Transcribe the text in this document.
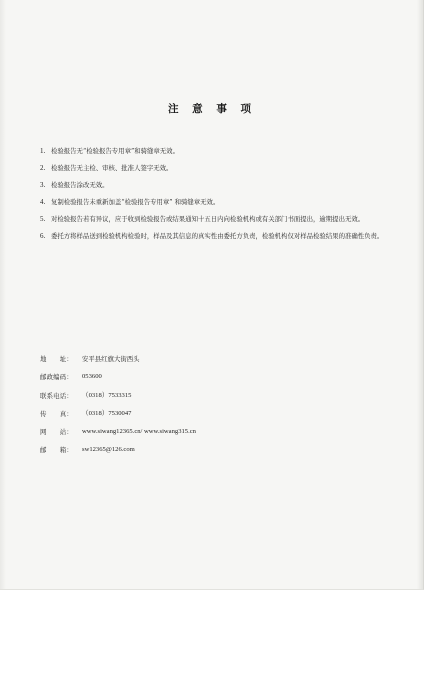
注 意 事 项
1. 检验报告无“检验报告专用章”和骑缝章无效。
2. 检验报告无主检、审核、批准人签字无效。
3. 检验报告涂改无效。
4. 复制检验报告未重新加盖“检验报告专用章” 和骑缝章无效。
5. 对检验报告若有异议，应于收到检验报告或结果通知十五日内向检验机构或有关部门书面提出，逾期提出无效。
6. 委托方将样品送到检验机构检验时，样品及其信息的真实性由委托方负责，检验机构仅对样品检验结果的准确性负责。
地　　址：	安平县红旗大街西头
邮政编码：	053600
联系电话：	（0318）7533315
传　　真：	（0318）7530047
网　　站：	www.siwang12365.cn/ www.siwang315.cn
邮　　箱：	sw12365@126.com
